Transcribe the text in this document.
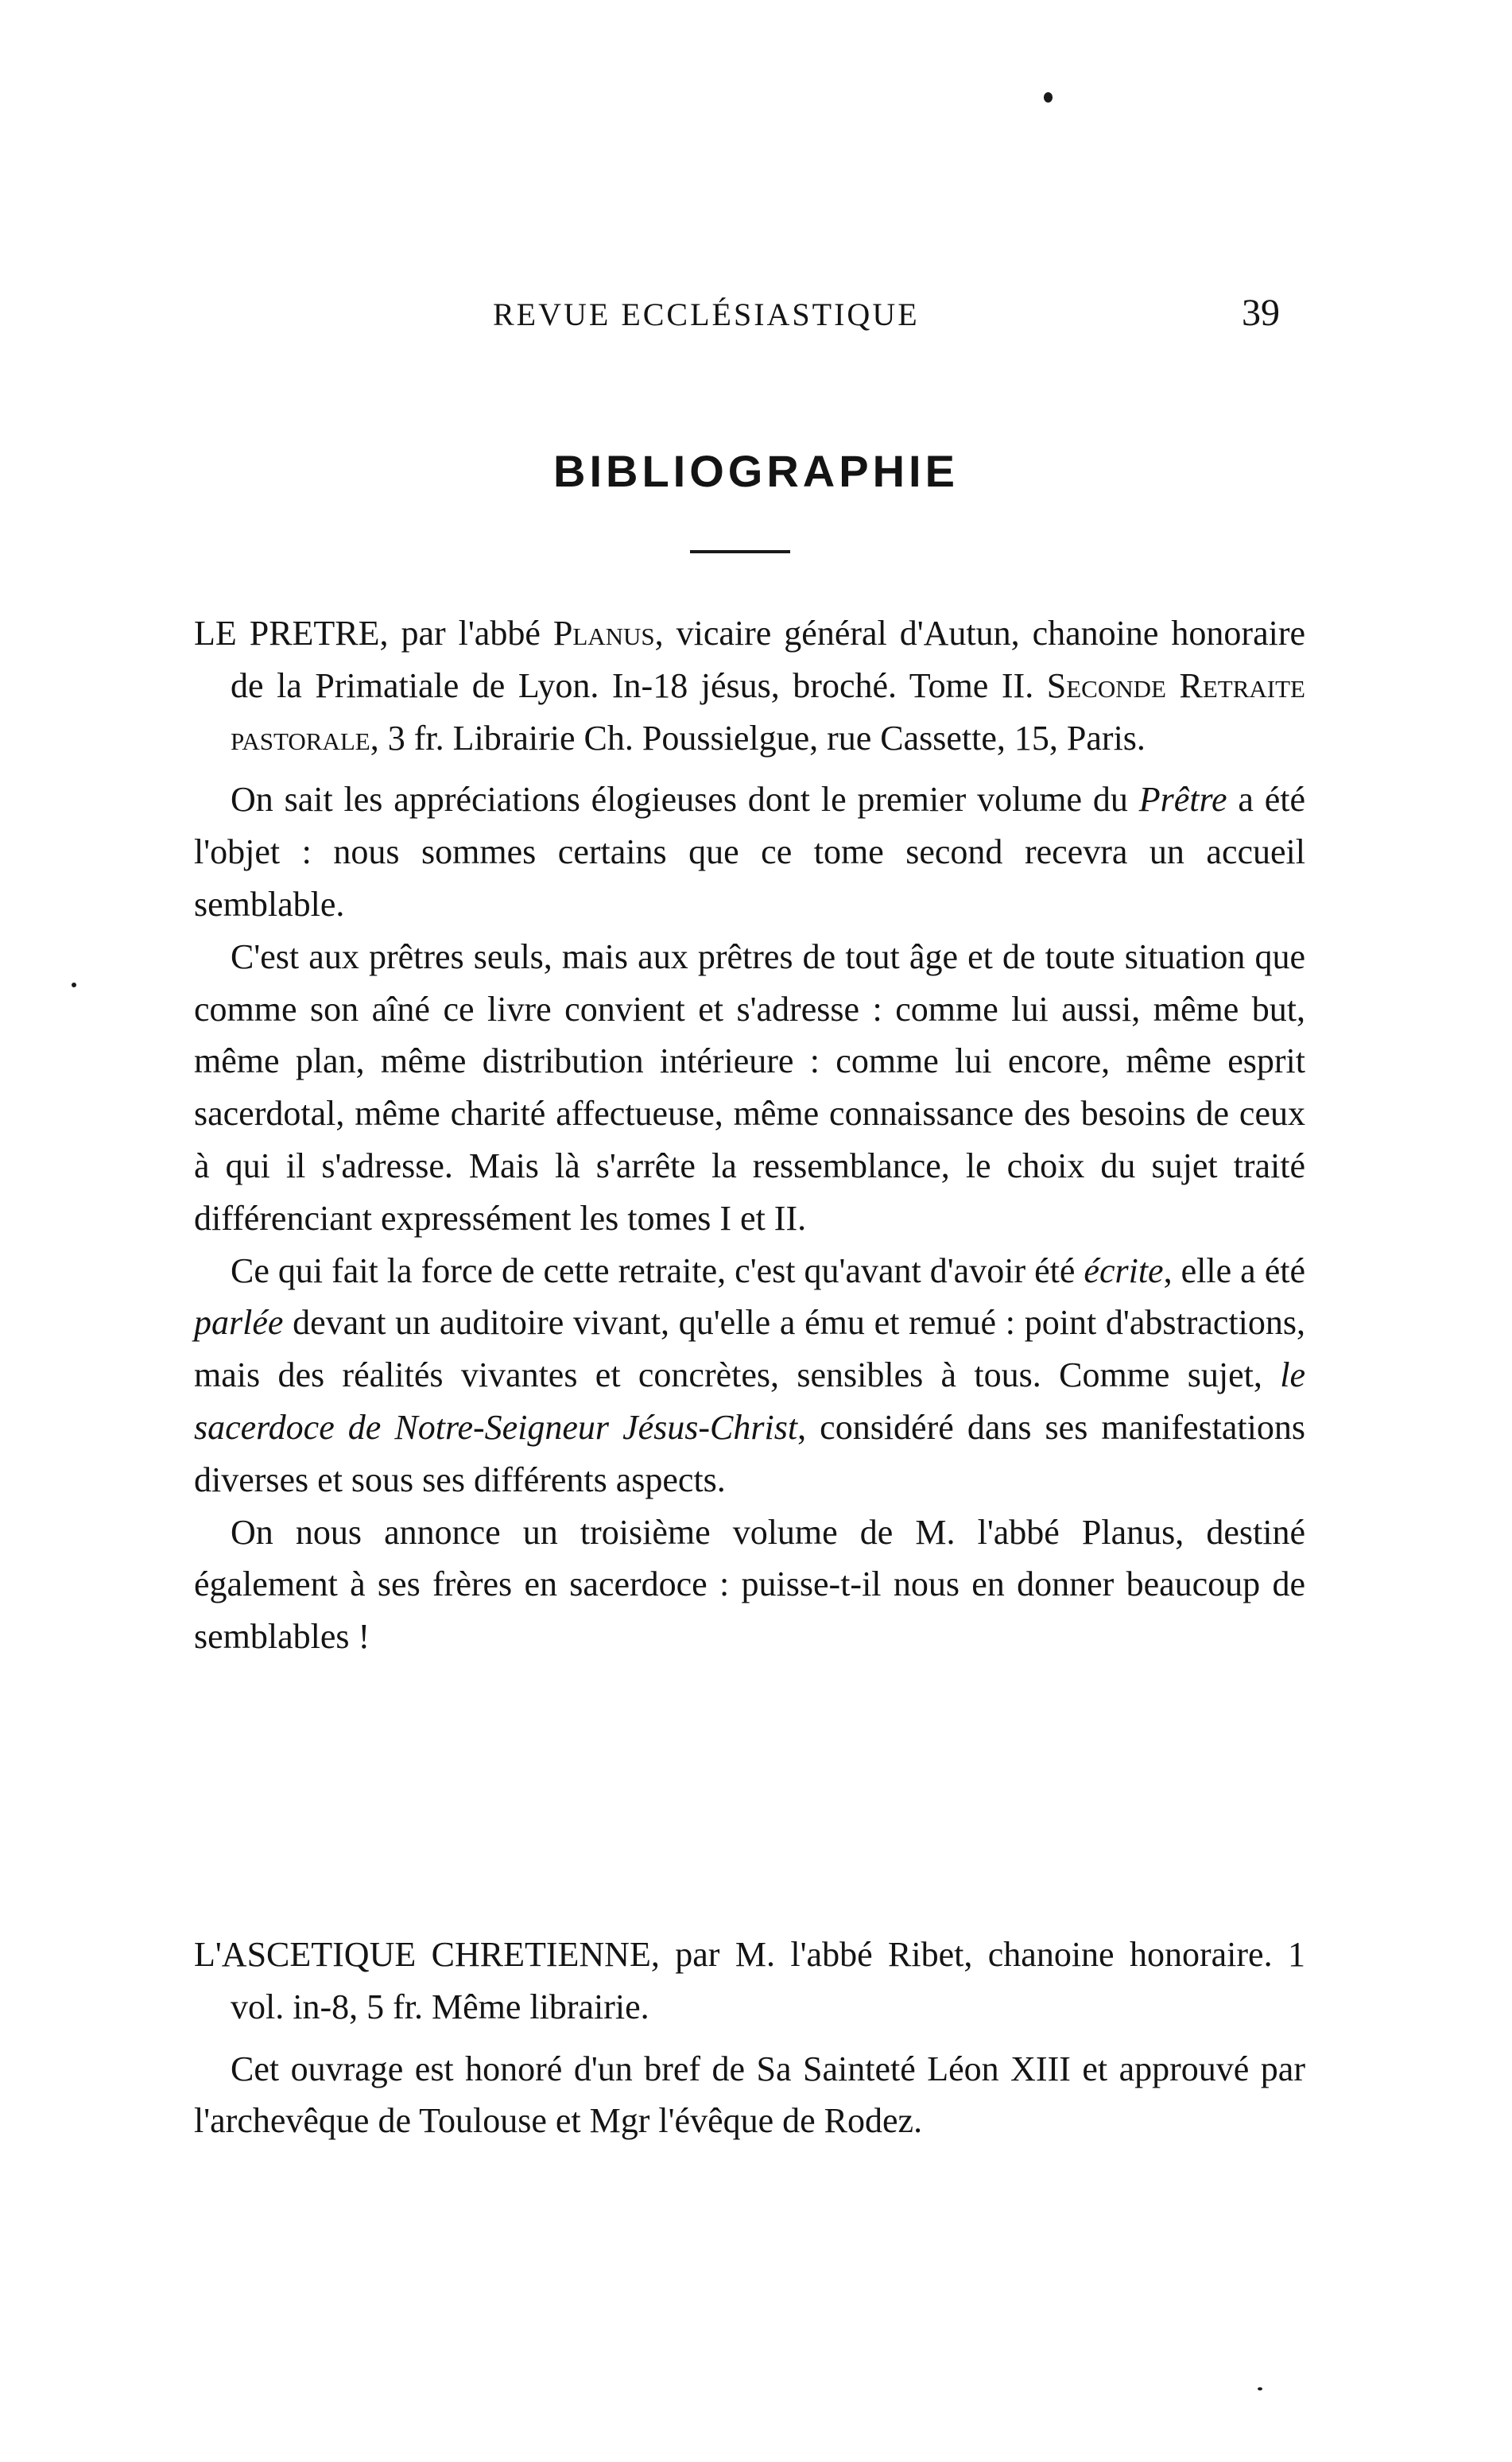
REVUE ECCLÉSIASTIQUE	39
BIBLIOGRAPHIE

LE PRETRE, par l'abbé Planus, vicaire général d'Autun, chanoine honoraire de la Primatiale de Lyon. In-18 jésus, broché. Tome II. Seconde Retraite pastorale, 3 fr. Librairie Ch. Poussielgue, rue Cassette, 15, Paris.

On sait les appréciations élogieuses dont le premier volume du Prêtre a été l'objet : nous sommes certains que ce tome second recevra un accueil semblable.

C'est aux prêtres seuls, mais aux prêtres de tout âge et de toute situation que comme son aîné ce livre convient et s'adresse : comme lui aussi, même but, même plan, même distribution intérieure : comme lui encore, même esprit sacerdotal, même charité affectueuse, même connaissance des besoins de ceux à qui il s'adresse. Mais là s'arrête la ressemblance, le choix du sujet traité différenciant expressément les tomes I et II.

Ce qui fait la force de cette retraite, c'est qu'avant d'avoir été écrite, elle a été parlée devant un auditoire vivant, qu'elle a ému et remué : point d'abstractions, mais des réalités vivantes et concrètes, sensibles à tous. Comme sujet, le sacerdoce de Notre-Seigneur Jésus-Christ, considéré dans ses manifestations diverses et sous ses différents aspects.

On nous annonce un troisième volume de M. l'abbé Planus, destiné également à ses frères en sacerdoce : puisse-t-il nous en donner beaucoup de semblables !

L'ASCETIQUE CHRETIENNE, par M. l'abbé Ribet, chanoine honoraire. 1 vol. in-8, 5 fr. Même librairie.

Cet ouvrage est honoré d'un bref de Sa Sainteté Léon XIII et approuvé par l'archevêque de Toulouse et Mgr l'évêque de Rodez.
